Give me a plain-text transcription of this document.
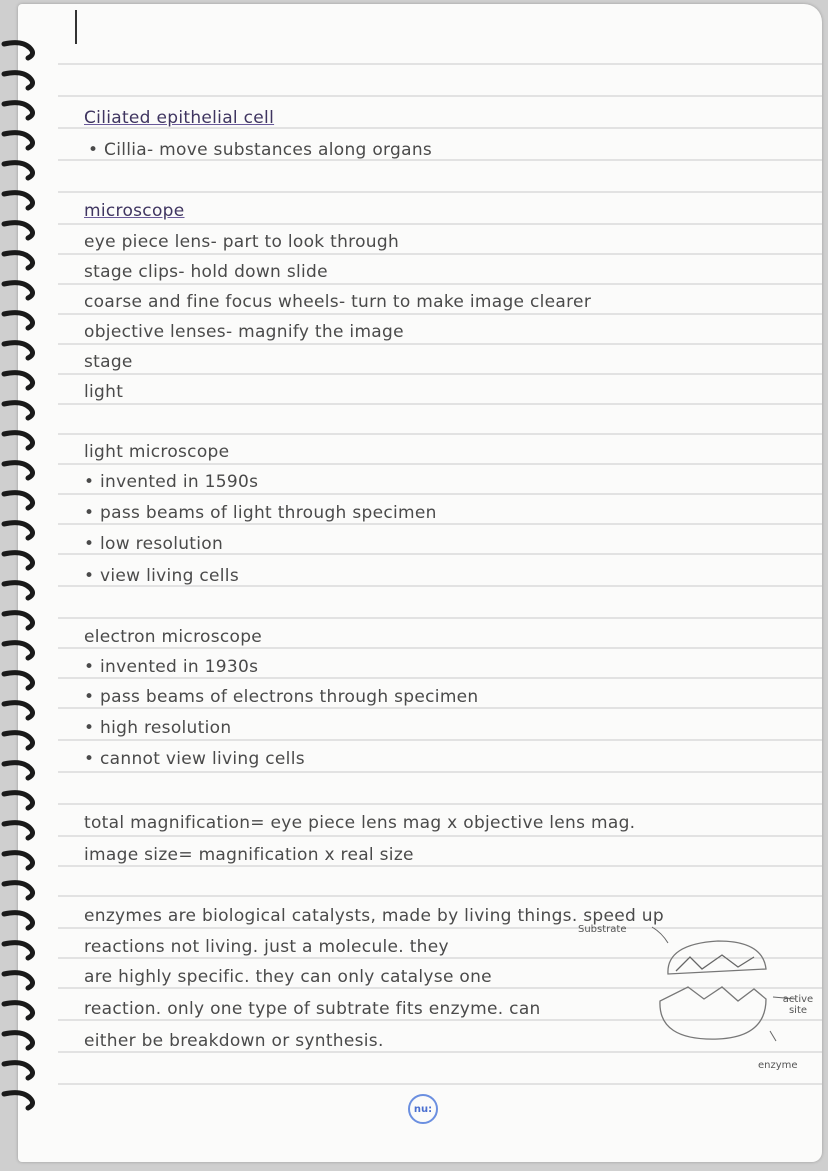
Ciliated epithelial cell
• Cillia- move substances along organs
microscope
eye piece lens- part to look through
stage clips- hold down slide
coarse and fine focus wheels- turn to make image clearer
objective lenses- magnify the image
stage
light
light microscope
• invented in 1590s
• pass beams of light through specimen
• low resolution
• view living cells
electron microscope
• invented in 1930s
• pass beams of electrons through specimen
• high resolution
• cannot view living cells
total magnification= eye piece lens mag x objective lens mag.
image size= magnification x real size
enzymes are biological catalysts, made by living things. speed up
reactions not living. just a molecule. they
are highly specific. they can only catalyse one
reaction. only one type of subtrate fits enzyme. can
either be breakdown or synthesis.
Substrate
active site
enzyme
nu:
